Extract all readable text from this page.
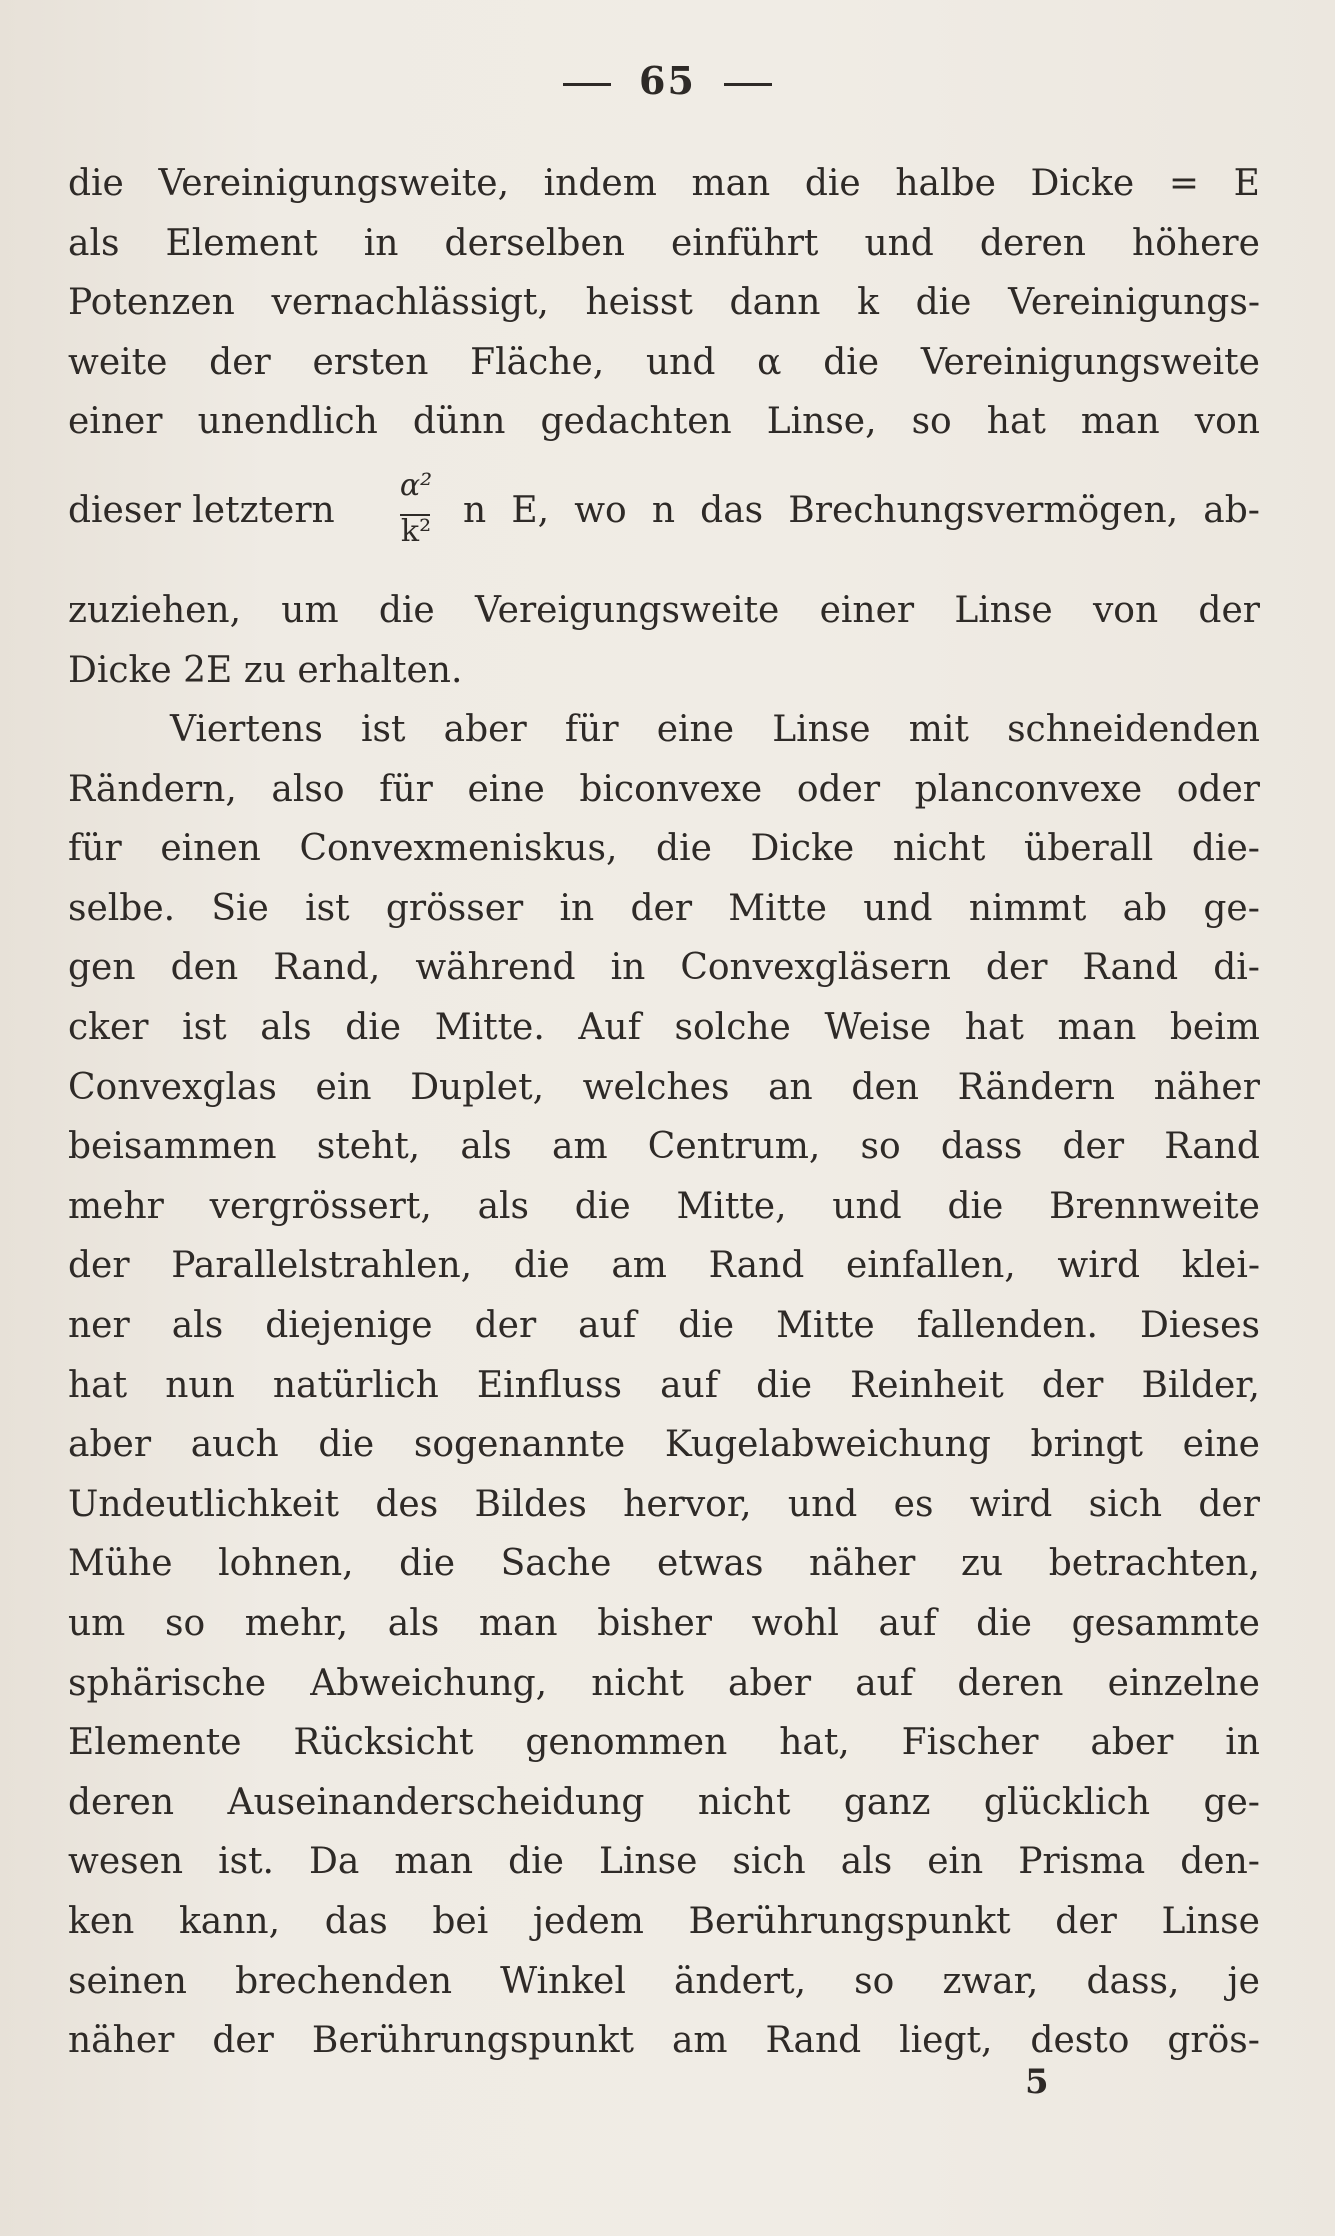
65
die Vereinigungsweite, indem man die halbe Dicke = E
als Element in derselben einführt und deren höhere
Potenzen vernachlässigt, heisst dann k die Vereinigungs-
weite der ersten Fläche, und α die Vereinigungsweite
einer unendlich dünn gedachten Linse, so hat man von
dieser letztern
α²
k²
n E, wo n das Brechungsvermögen, ab-
zuziehen, um die Vereigungsweite einer Linse von der
Dicke 2E zu erhalten.
Viertens ist aber für eine Linse mit schneidenden
Rändern, also für eine biconvexe oder planconvexe oder
für einen Convexmeniskus, die Dicke nicht überall die-
selbe. Sie ist grösser in der Mitte und nimmt ab ge-
gen den Rand, während in Convexgläsern der Rand di-
cker ist als die Mitte. Auf solche Weise hat man beim
Convexglas ein Duplet, welches an den Rändern näher
beisammen steht, als am Centrum, so dass der Rand
mehr vergrössert, als die Mitte, und die Brennweite
der Parallelstrahlen, die am Rand einfallen, wird klei-
ner als diejenige der auf die Mitte fallenden. Dieses
hat nun natürlich Einfluss auf die Reinheit der Bilder,
aber auch die sogenannte Kugelabweichung bringt eine
Undeutlichkeit des Bildes hervor, und es wird sich der
Mühe lohnen, die Sache etwas näher zu betrachten,
um so mehr, als man bisher wohl auf die gesammte
sphärische Abweichung, nicht aber auf deren einzelne
Elemente Rücksicht genommen hat, Fischer aber in
deren Auseinanderscheidung nicht ganz glücklich ge-
wesen ist. Da man die Linse sich als ein Prisma den-
ken kann, das bei jedem Berührungspunkt der Linse
seinen brechenden Winkel ändert, so zwar, dass, je
näher der Berührungspunkt am Rand liegt, desto grös-
5
